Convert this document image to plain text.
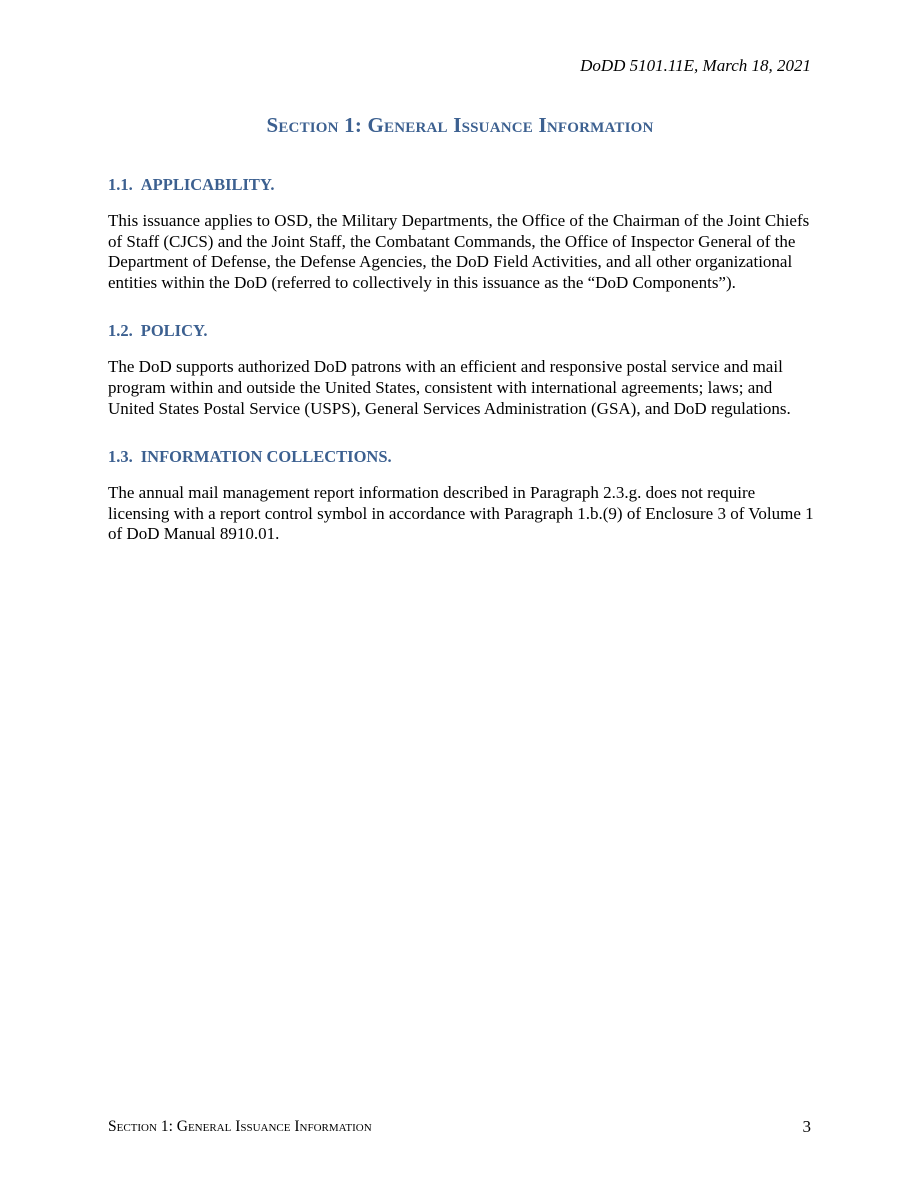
DoDD 5101.11E, March 18, 2021
Section 1: General Issuance Information
1.1. APPLICABILITY.

This issuance applies to OSD, the Military Departments, the Office of the Chairman of the Joint Chiefs of Staff (CJCS) and the Joint Staff, the Combatant Commands, the Office of Inspector General of the Department of Defense, the Defense Agencies, the DoD Field Activities, and all other organizational entities within the DoD (referred to collectively in this issuance as the “DoD Components”).

1.2. POLICY.

The DoD supports authorized DoD patrons with an efficient and responsive postal service and mail program within and outside the United States, consistent with international agreements; laws; and United States Postal Service (USPS), General Services Administration (GSA), and DoD regulations.

1.3. INFORMATION COLLECTIONS.

The annual mail management report information described in Paragraph 2.3.g. does not require licensing with a report control symbol in accordance with Paragraph 1.b.(9) of Enclosure 3 of Volume 1 of DoD Manual 8910.01.

Section 1: General Issuance Information	3
